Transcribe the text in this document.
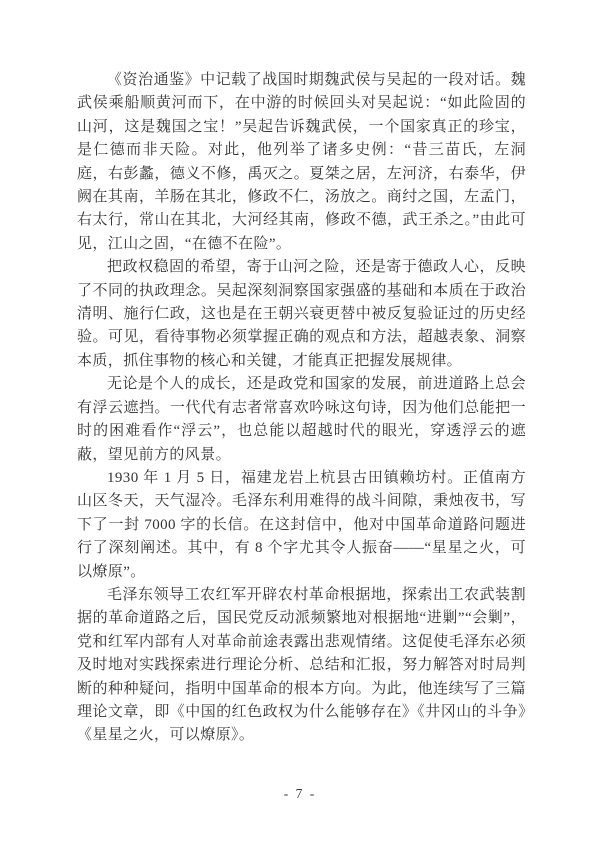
《资治通鉴》中记载了战国时期魏武侯与吴起的一段对话。魏武侯乘船顺黄河而下，在中游的时候回头对吴起说：“如此险固的山河，这是魏国之宝！”吴起告诉魏武侯，一个国家真正的珍宝，是仁德而非天险。对此，他列举了诸多史例：“昔三苗氏，左洞庭，右彭蠡，德义不修，禹灭之。夏桀之居，左河济，右泰华，伊阙在其南，羊肠在其北，修政不仁，汤放之。商纣之国，左孟门，右太行，常山在其北，大河经其南，修政不德，武王杀之。”由此可见，江山之固，“在德不在险”。

把政权稳固的希望，寄于山河之险，还是寄于德政人心，反映了不同的执政理念。吴起深刻洞察国家强盛的基础和本质在于政治清明、施行仁政，这也是在王朝兴衰更替中被反复验证过的历史经验。可见，看待事物必须掌握正确的观点和方法，超越表象、洞察本质，抓住事物的核心和关键，才能真正把握发展规律。

无论是个人的成长，还是政党和国家的发展，前进道路上总会有浮云遮挡。一代代有志者常喜欢吟咏这句诗，因为他们总能把一时的困难看作“浮云”，也总能以超越时代的眼光，穿透浮云的遮蔽，望见前方的风景。

1930 年 1 月 5 日，福建龙岩上杭县古田镇赖坊村。正值南方山区冬天，天气湿冷。毛泽东利用难得的战斗间隙，秉烛夜书，写下了一封 7000 字的长信。在这封信中，他对中国革命道路问题进行了深刻阐述。其中，有 8 个字尤其令人振奋——“星星之火，可以燎原”。

毛泽东领导工农红军开辟农村革命根据地，探索出工农武装割据的革命道路之后，国民党反动派频繁地对根据地“进剿”“会剿”，党和红军内部有人对革命前途表露出悲观情绪。这促使毛泽东必须及时地对实践探索进行理论分析、总结和汇报，努力解答对时局判断的种种疑问，指明中国革命的根本方向。为此，他连续写了三篇理论文章，即《中国的红色政权为什么能够存在》《井冈山的斗争》《星星之火，可以燎原》。

- 7 -
